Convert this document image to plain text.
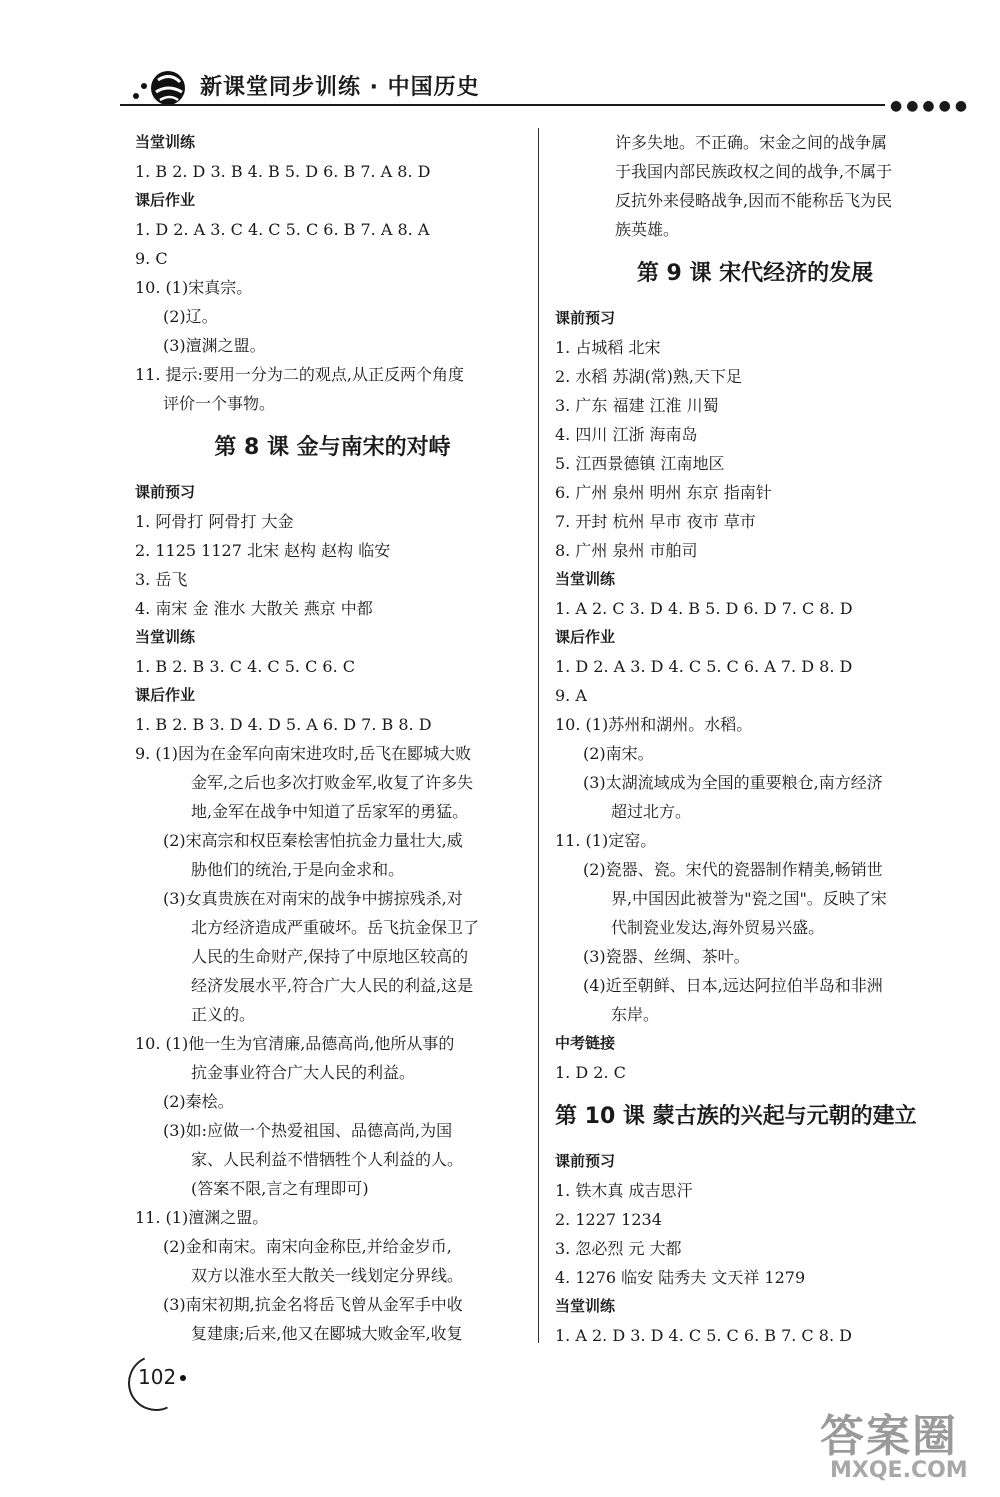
新课堂同步训练 · 中国历史
●●●●●
当堂训练
1. B 2. D 3. B 4. B 5. D 6. B 7. A 8. D
课后作业
1. D 2. A 3. C 4. C 5. C 6. B 7. A 8. A
9. C
10. (1)宋真宗。
(2)辽。
(3)澶渊之盟。
11. 提示:要用一分为二的观点,从正反两个角度
评价一个事物。
第 8 课 金与南宋的对峙
课前预习
1. 阿骨打 阿骨打 大金
2. 1125 1127 北宋 赵构 赵构 临安
3. 岳飞
4. 南宋 金 淮水 大散关 燕京 中都
当堂训练
1. B 2. B 3. C 4. C 5. C 6. C
课后作业
1. B 2. B 3. D 4. D 5. A 6. D 7. B 8. D
9. (1)因为在金军向南宋进攻时,岳飞在郾城大败
金军,之后也多次打败金军,收复了许多失
地,金军在战争中知道了岳家军的勇猛。
(2)宋高宗和权臣秦桧害怕抗金力量壮大,威
胁他们的统治,于是向金求和。
(3)女真贵族在对南宋的战争中掳掠残杀,对
北方经济造成严重破坏。岳飞抗金保卫了
人民的生命财产,保持了中原地区较高的
经济发展水平,符合广大人民的利益,这是
正义的。
10. (1)他一生为官清廉,品德高尚,他所从事的
抗金事业符合广大人民的利益。
(2)秦桧。
(3)如:应做一个热爱祖国、品德高尚,为国
家、人民利益不惜牺牲个人利益的人。
(答案不限,言之有理即可)
11. (1)澶渊之盟。
(2)金和南宋。南宋向金称臣,并给金岁币,
双方以淮水至大散关一线划定分界线。
(3)南宋初期,抗金名将岳飞曾从金军手中收
复建康;后来,他又在郾城大败金军,收复
许多失地。不正确。宋金之间的战争属
于我国内部民族政权之间的战争,不属于
反抗外来侵略战争,因而不能称岳飞为民
族英雄。
第 9 课 宋代经济的发展
课前预习
1. 占城稻 北宋
2. 水稻 苏湖(常)熟,天下足
3. 广东 福建 江淮 川蜀
4. 四川 江浙 海南岛
5. 江西景德镇 江南地区
6. 广州 泉州 明州 东京 指南针
7. 开封 杭州 早市 夜市 草市
8. 广州 泉州 市舶司
当堂训练
1. A 2. C 3. D 4. B 5. D 6. D 7. C 8. D
课后作业
1. D 2. A 3. D 4. C 5. C 6. A 7. D 8. D
9. A
10. (1)苏州和湖州。水稻。
(2)南宋。
(3)太湖流域成为全国的重要粮仓,南方经济
超过北方。
11. (1)定窑。
(2)瓷器、瓷。宋代的瓷器制作精美,畅销世
界,中国因此被誉为"瓷之国"。反映了宋
代制瓷业发达,海外贸易兴盛。
(3)瓷器、丝绸、茶叶。
(4)近至朝鲜、日本,远达阿拉伯半岛和非洲
东岸。
中考链接
1. D 2. C
第 10 课 蒙古族的兴起与元朝的建立
课前预习
1. 铁木真 成吉思汗
2. 1227 1234
3. 忽必烈 元 大都
4. 1276 临安 陆秀夫 文天祥 1279
当堂训练
1. A 2. D 3. D 4. C 5. C 6. B 7. C 8. D
102
答案圈
MXQE.COM
